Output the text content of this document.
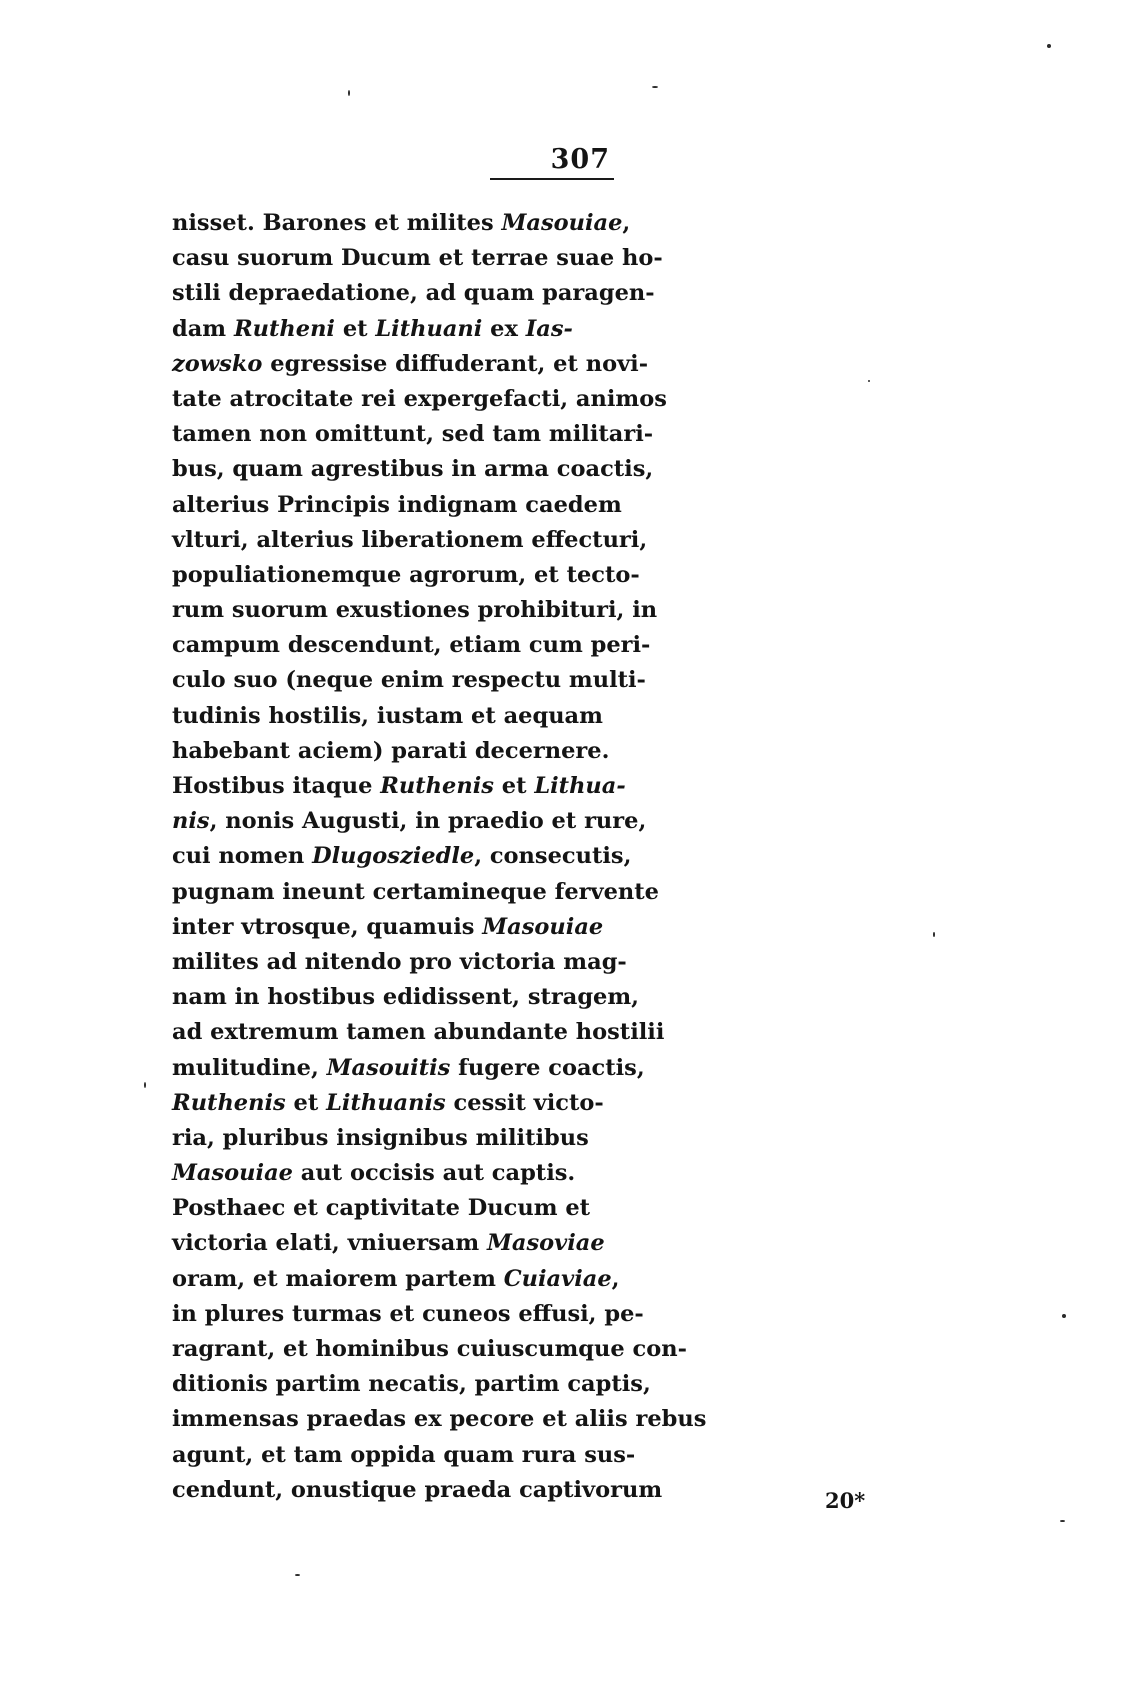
307
nisset. Barones et milites Masouiae,
casu suorum Ducum et terrae suae ho-
stili depraedatione, ad quam paragen-
dam Rutheni et Lithuani ex Ias-
zowsko egressise diffuderant, et novi-
tate atrocitate rei expergefacti, animos
tamen non omittunt, sed tam militari-
bus, quam agrestibus in arma coactis,
alterius Principis indignam caedem
vlturi, alterius liberationem effecturi,
populiationemque agrorum, et tecto-
rum suorum exustiones prohibituri, in
campum descendunt, etiam cum peri-
culo suo (neque enim respectu multi-
tudinis hostilis, iustam et aequam
habebant aciem) parati decernere.
Hostibus itaque Ruthenis et Lithua-
nis, nonis Augusti, in praedio et rure,
cui nomen Dlugosziedle, consecutis,
pugnam ineunt certamineque fervente
inter vtrosque, quamuis Masouiae
milites ad nitendo pro victoria mag-
nam in hostibus edidissent, stragem,
ad extremum tamen abundante hostilii
mulitudine, Masouitis fugere coactis,
Ruthenis et Lithuanis cessit victo-
ria, pluribus insignibus militibus
Masouiae aut occisis aut captis.
Posthaec et captivitate Ducum et
victoria elati, vniuersam Masoviae
oram, et maiorem partem Cuiaviae,
in plures turmas et cuneos effusi, pe-
ragrant, et hominibus cuiuscumque con-
ditionis partim necatis, partim captis,
immensas praedas ex pecore et aliis rebus
agunt, et tam oppida quam rura sus-
cendunt, onustique praeda captivorum	20*
